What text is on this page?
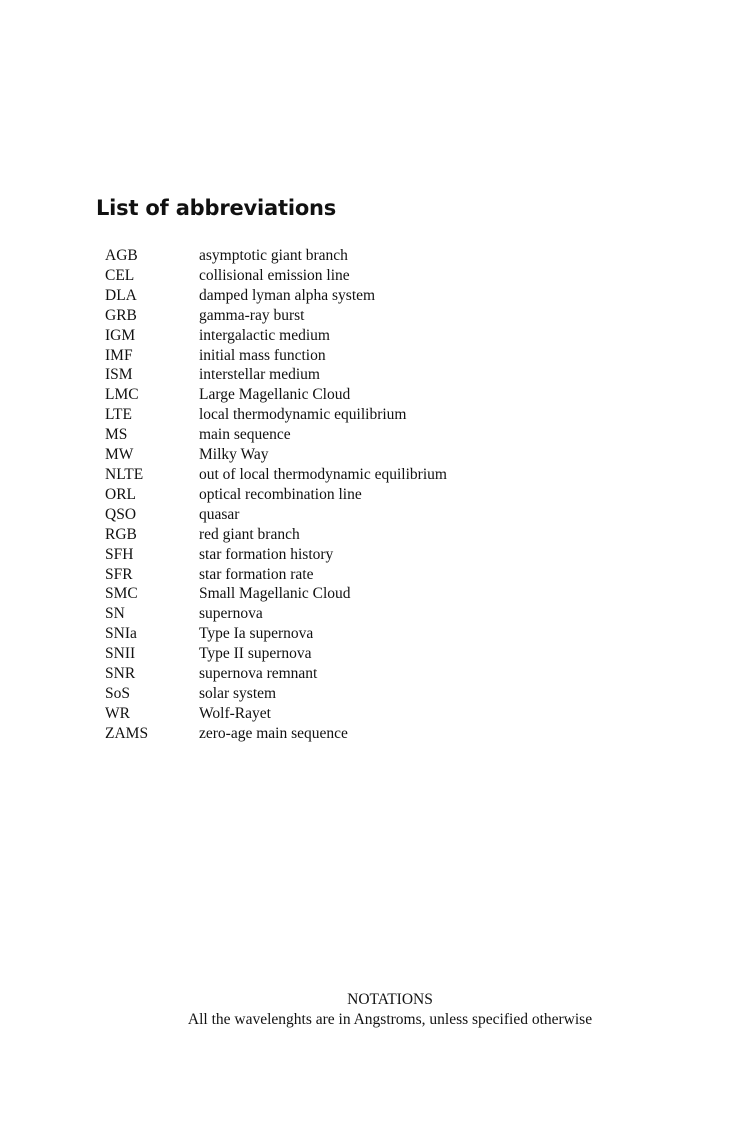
List of abbreviations
AGB	asymptotic giant branch
CEL	collisional emission line
DLA	damped lyman alpha system
GRB	gamma-ray burst
IGM	intergalactic medium
IMF	initial mass function
ISM	interstellar medium
LMC	Large Magellanic Cloud
LTE	local thermodynamic equilibrium
MS	main sequence
MW	Milky Way
NLTE	out of local thermodynamic equilibrium
ORL	optical recombination line
QSO	quasar
RGB	red giant branch
SFH	star formation history
SFR	star formation rate
SMC	Small Magellanic Cloud
SN	supernova
SNIa	Type Ia supernova
SNII	Type II supernova
SNR	supernova remnant
SoS	solar system
WR	Wolf-Rayet
ZAMS	zero-age main sequence
NOTATIONS
All the wavelenghts are in Angstroms, unless specified otherwise
